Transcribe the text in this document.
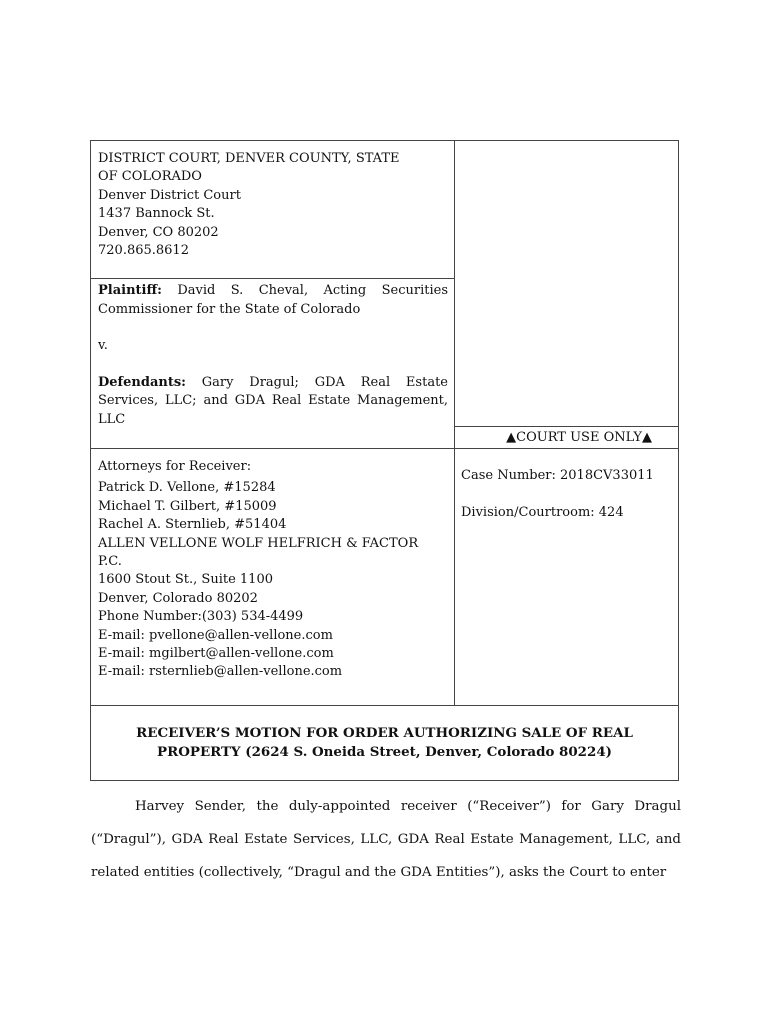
DISTRICT COURT, DENVER COUNTY, STATE
OF COLORADO
Denver District Court
1437 Bannock St.
Denver, CO 80202
720.865.8612
Plaintiff: David S. Cheval, Acting Securities Commissioner for the State of Colorado
v.
Defendants: Gary Dragul; GDA Real Estate Services, LLC; and GDA Real Estate Management, LLC
▲COURT USE ONLY▲
Attorneys for Receiver:
Patrick D. Vellone, #15284
Michael T. Gilbert, #15009
Rachel A. Sternlieb, #51404
ALLEN VELLONE WOLF HELFRICH & FACTOR
P.C.
1600 Stout St., Suite 1100
Denver, Colorado 80202
Phone Number:(303) 534-4499
E-mail: pvellone@allen-vellone.com
E-mail: mgilbert@allen-vellone.com
E-mail: rsternlieb@allen-vellone.com
Case Number: 2018CV33011
Division/Courtroom: 424
RECEIVER’S MOTION FOR ORDER AUTHORIZING SALE OF REAL
PROPERTY (2624 S. Oneida Street, Denver, Colorado 80224)

Harvey Sender, the duly-appointed receiver (“Receiver”) for Gary Dragul (“Dragul”), GDA Real Estate Services, LLC, GDA Real Estate Management, LLC, and related entities (collectively, “Dragul and the GDA Entities”), asks the Court to enter
